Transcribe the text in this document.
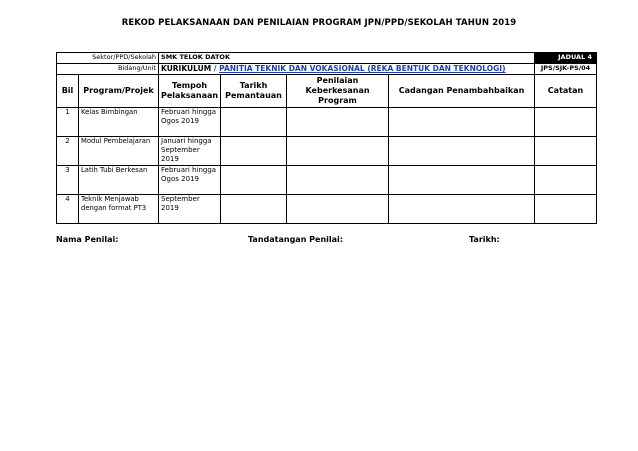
REKOD PELAKSANAAN DAN PENILAIAN PROGRAM JPN/PPD/SEKOLAH TAHUN 2019
Sektor/PPD/Sekolah		SMK TELOK DATOK				JADUAL 4
Bidang/Unit		KURIKULUM / PANITIA TEKNIK DAN VOKASIONAL (REKA BENTUK DAN TEKNOLOGI)				JPS/SJK-PS/04
Bil	Program/Projek	Tempoh Pelaksanaan	Tarikh Pemantauan	Penilaian Keberkesanan Program	Cadangan Penambahbaikan	Catatan
1	Kelas Bimbingan	Februari hingga Ogos 2019				
2	Modul Pembelajaran	Januari hingga September 2019				
3	Latih Tubi Berkesan	Februari hingga Ogos 2019				
4	Teknik Menjawab dengan format PT3	September 2019				
Nama Penilai:	Tandatangan Penilai:	Tarikh:
